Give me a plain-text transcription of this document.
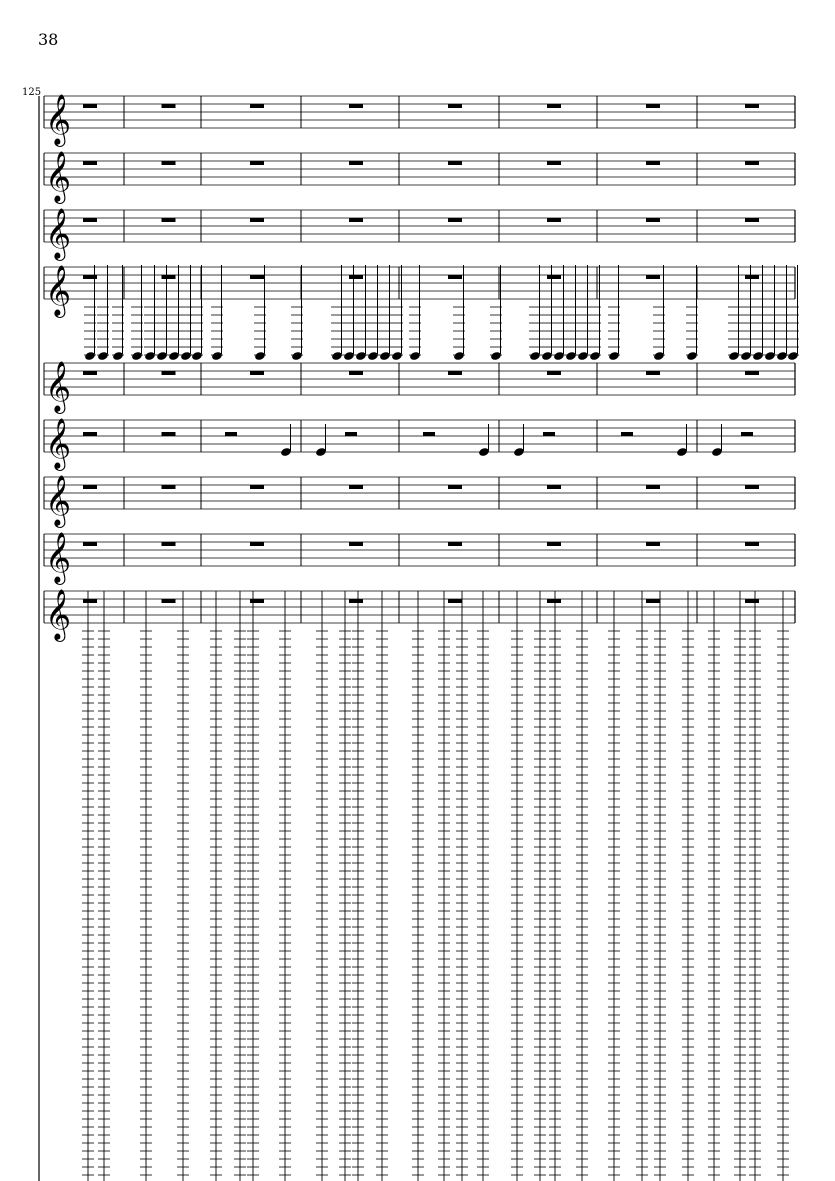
38
125
𝄞
𝄞
𝄞
𝄞
𝄞
𝄞
𝄞
𝄞
𝄞
